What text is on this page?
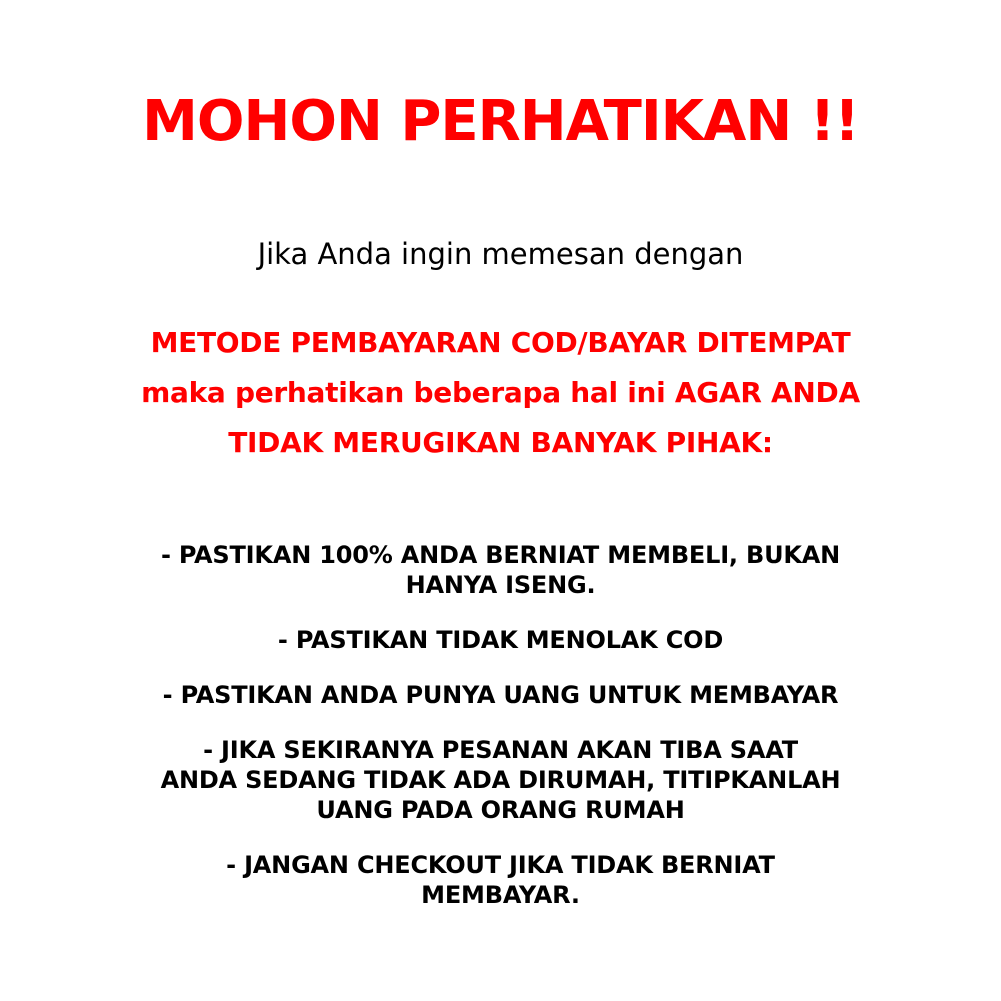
MOHON PERHATIKAN !!

Jika Anda ingin memesan dengan

METODE PEMBAYARAN COD/BAYAR DITEMPAT
maka perhatikan beberapa hal ini AGAR ANDA
TIDAK MERUGIKAN BANYAK PIHAK:

- PASTIKAN 100% ANDA BERNIAT MEMBELI, BUKAN
HANYA ISENG.
- PASTIKAN TIDAK MENOLAK COD
- PASTIKAN ANDA PUNYA UANG UNTUK MEMBAYAR
- JIKA SEKIRANYA PESANAN AKAN TIBA SAAT
ANDA SEDANG TIDAK ADA DIRUMAH, TITIPKANLAH
UANG PADA ORANG RUMAH
- JANGAN CHECKOUT JIKA TIDAK BERNIAT
MEMBAYAR.
